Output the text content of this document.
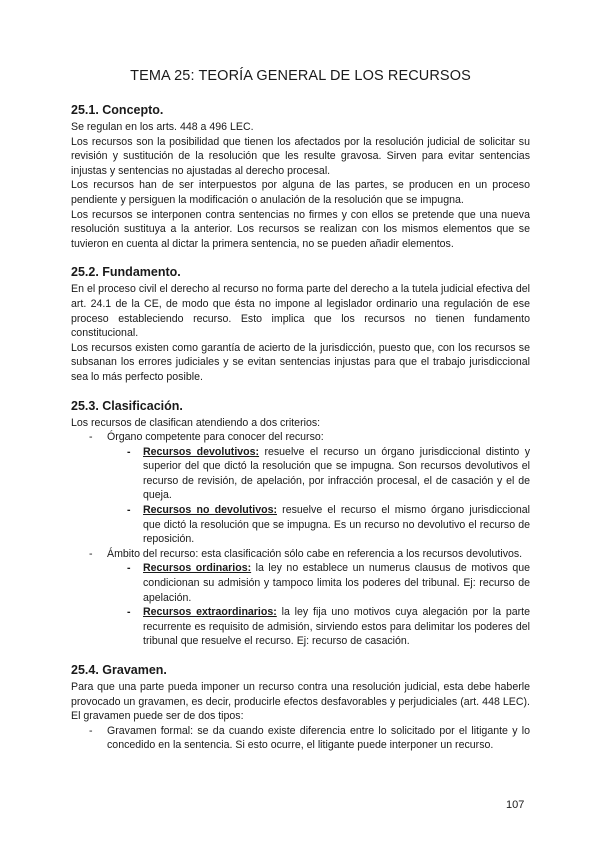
TEMA 25: TEORÍA GENERAL DE LOS RECURSOS
25.1. Concepto.

Se regulan en los arts. 448 a 496 LEC.

Los recursos son la posibilidad que tienen los afectados por la resolución judicial de solicitar su revisión y sustitución de la resolución que les resulte gravosa. Sirven para evitar sentencias injustas y sentencias no ajustadas al derecho procesal.

Los recursos han de ser interpuestos por alguna de las partes, se producen en un proceso pendiente y persiguen la modificación o anulación de la resolución que se impugna.

Los recursos se interponen contra sentencias no firmes y con ellos se pretende que una nueva resolución sustituya a la anterior. Los recursos se realizan con los mismos elementos que se tuvieron en cuenta al dictar la primera sentencia, no se pueden añadir elementos.

25.2. Fundamento.

En el proceso civil el derecho al recurso no forma parte del derecho a la tutela judicial efectiva del art. 24.1 de la CE, de modo que ésta no impone al legislador ordinario una regulación de ese proceso estableciendo recurso. Esto implica que los recursos no tienen fundamento constitucional.

Los recursos existen como garantía de acierto de la jurisdicción, puesto que, con los recursos se subsanan los errores judiciales y se evitan sentencias injustas para que el trabajo jurisdiccional sea lo más perfecto posible.

25.3. Clasificación.

Los recursos de clasifican atendiendo a dos criterios:

- Órgano competente para conocer del recurso:
- Recursos devolutivos: resuelve el recurso un órgano jurisdiccional distinto y superior del que dictó la resolución que se impugna. Son recursos devolutivos el recurso de revisión, de apelación, por infracción procesal, el de casación y el de queja.
- Recursos no devolutivos: resuelve el recurso el mismo órgano jurisdiccional que dictó la resolución que se impugna. Es un recurso no devolutivo el recurso de reposición.
- Ámbito del recurso: esta clasificación sólo cabe en referencia a los recursos devolutivos.
- Recursos ordinarios: la ley no establece un numerus clausus de motivos que condicionan su admisión y tampoco limita los poderes del tribunal. Ej: recurso de apelación.
- Recursos extraordinarios: la ley fija uno motivos cuya alegación por la parte recurrente es requisito de admisión, sirviendo estos para delimitar los poderes del tribunal que resuelve el recurso. Ej: recurso de casación.
25.4. Gravamen.

Para que una parte pueda imponer un recurso contra una resolución judicial, esta debe haberle provocado un gravamen, es decir, producirle efectos desfavorables y perjudiciales (art. 448 LEC). El gravamen puede ser de dos tipos:

- Gravamen formal: se da cuando existe diferencia entre lo solicitado por el litigante y lo concedido en la sentencia. Si esto ocurre, el litigante puede interponer un recurso.
107
